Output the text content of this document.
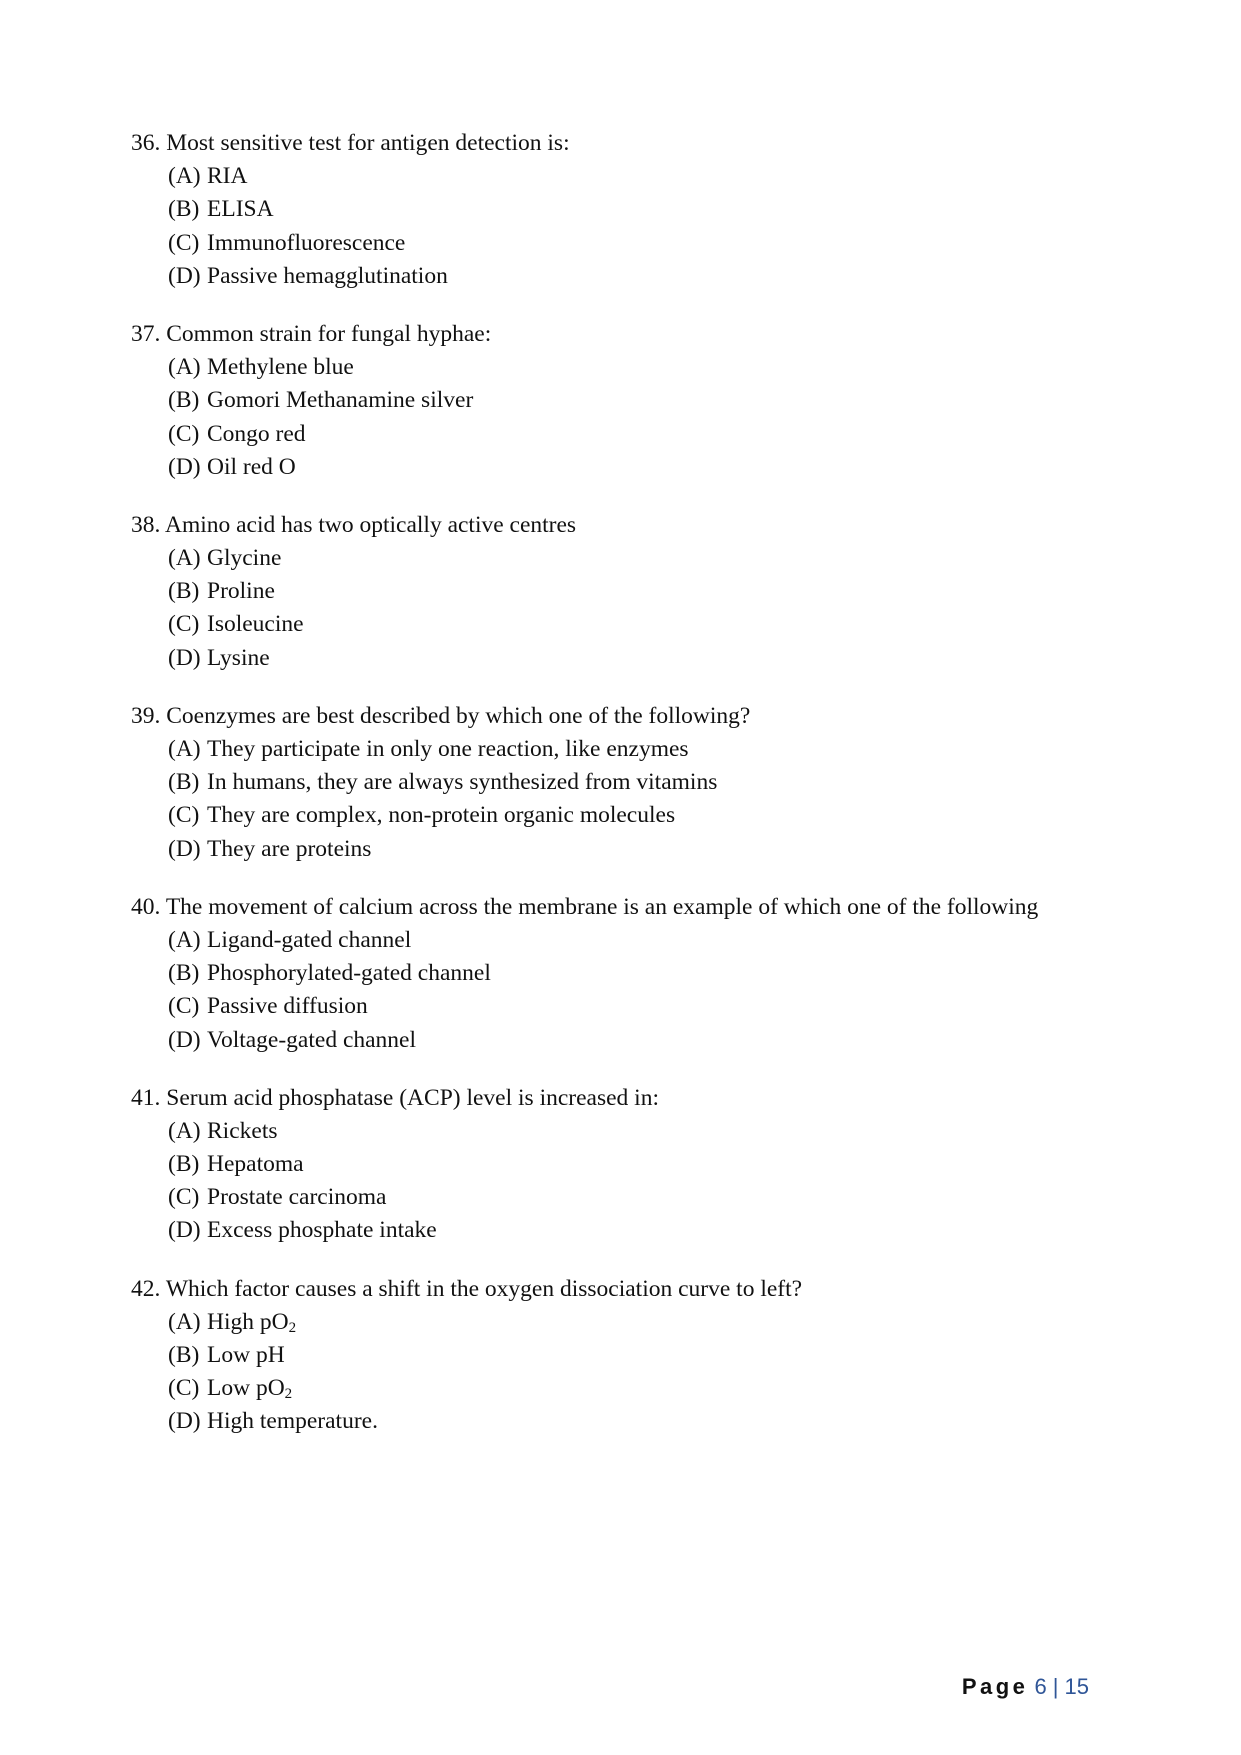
36. Most sensitive test for antigen detection is:
(A) RIA
(B) ELISA
(C) Immunofluorescence
(D) Passive hemagglutination
37. Common strain for fungal hyphae:
(A) Methylene blue
(B) Gomori Methanamine silver
(C) Congo red
(D) Oil red O
38. Amino acid has two optically active centres
(A) Glycine
(B) Proline
(C) Isoleucine
(D) Lysine
39. Coenzymes are best described by which one of the following?
(A) They participate in only one reaction, like enzymes
(B) In humans, they are always synthesized from vitamins
(C) They are complex, non-protein organic molecules
(D) They are proteins
40. The movement of calcium across the membrane is an example of which one of the following
(A) Ligand-gated channel
(B) Phosphorylated-gated channel
(C) Passive diffusion
(D) Voltage-gated channel
41. Serum acid phosphatase (ACP) level is increased in:
(A) Rickets
(B) Hepatoma
(C) Prostate carcinoma
(D) Excess phosphate intake
42. Which factor causes a shift in the oxygen dissociation curve to left?
(A) High $pO_2$
(B) Low pH
(C) Low $pO_2$
(D) High temperature.
Page 6 | 15
